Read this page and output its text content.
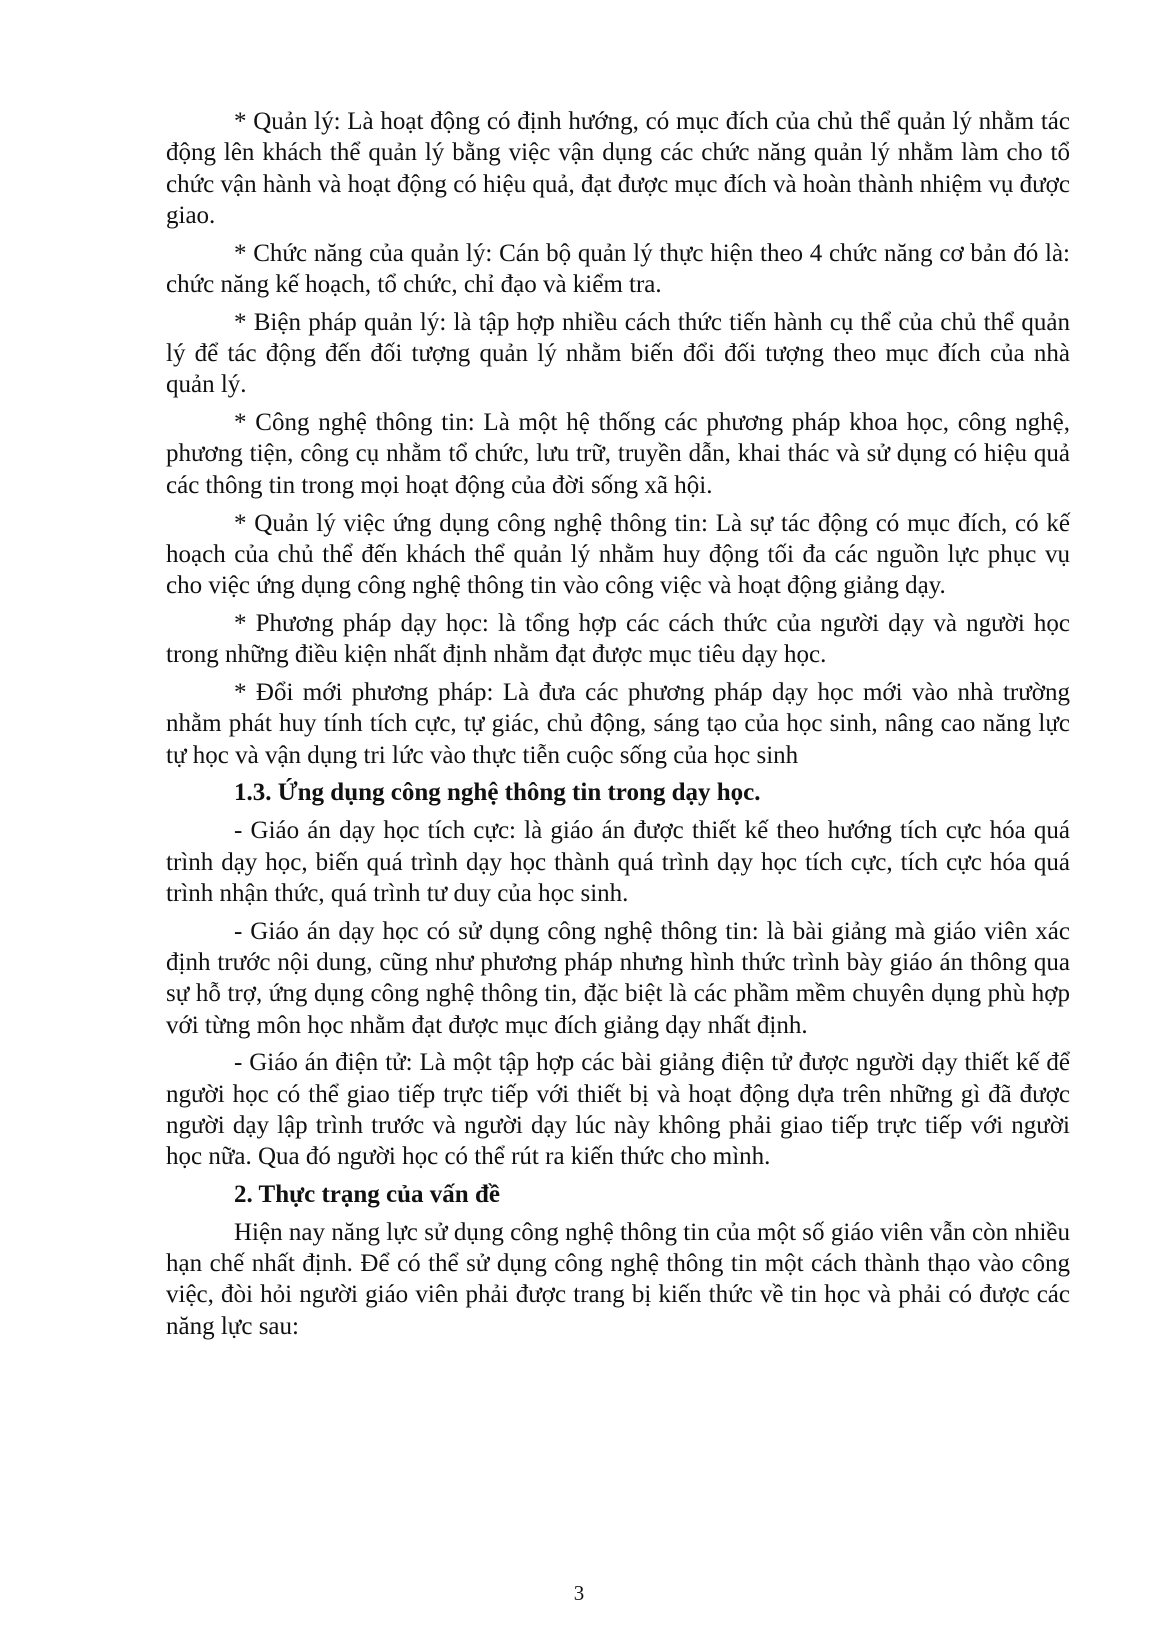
* Quản lý: Là hoạt động có định hướng, có mục đích của chủ thể quản lý nhằm tác động lên khách thể quản lý bằng việc vận dụng các chức năng quản lý nhằm làm cho tổ chức vận hành và hoạt động có hiệu quả, đạt được mục đích và hoàn thành nhiệm vụ được giao.

* Chức năng của quản lý: Cán bộ quản lý thực hiện theo 4 chức năng cơ bản đó là: chức năng kế hoạch, tổ chức, chỉ đạo và kiểm tra.

* Biện pháp quản lý: là tập hợp nhiều cách thức tiến hành cụ thể của chủ thể quản lý để tác động đến đối tượng quản lý nhằm biến đổi đối tượng theo mục đích của nhà quản lý.

* Công nghệ thông tin: Là một hệ thống các phương pháp khoa học, công nghệ, phương tiện, công cụ nhằm tổ chức, lưu trữ, truyền dẫn, khai thác và sử dụng có hiệu quả các thông tin trong mọi hoạt động của đời sống xã hội.

* Quản lý việc ứng dụng công nghệ thông tin: Là sự tác động có mục đích, có kế hoạch của chủ thể đến khách thể quản lý nhằm huy động tối đa các nguồn lực phục vụ cho việc ứng dụng công nghệ thông tin vào công việc và hoạt động giảng dạy.

* Phương pháp dạy học: là tổng hợp các cách thức của người dạy và người học trong những điều kiện nhất định nhằm đạt được mục tiêu dạy học.

* Đổi mới phương pháp: Là đưa các phương pháp dạy học mới vào nhà trường nhằm phát huy tính tích cực, tự giác, chủ động, sáng tạo của học sinh, nâng cao năng lực tự học và vận dụng tri lức vào thực tiễn cuộc sống của học sinh

1.3. Ứng dụng công nghệ thông tin trong dạy học.

- Giáo án dạy học tích cực: là giáo án được thiết kế theo hướng tích cực hóa quá trình dạy học, biến quá trình dạy học thành quá trình dạy học tích cực, tích cực hóa quá trình nhận thức, quá trình tư duy của học sinh.

- Giáo án dạy học có sử dụng công nghệ thông tin: là bài giảng mà giáo viên xác định trước nội dung, cũng như phương pháp nhưng hình thức trình bày giáo án thông qua sự hỗ trợ, ứng dụng công nghệ thông tin, đặc biệt là các phầm mềm chuyên dụng phù hợp với từng môn học nhằm đạt được mục đích giảng dạy nhất định.

- Giáo án điện tử: Là một tập hợp các bài giảng điện tử được người dạy thiết kế để người học có thể giao tiếp trực tiếp với thiết bị và hoạt động dựa trên những gì đã được người dạy lập trình trước và người dạy lúc này không phải giao tiếp trực tiếp với người học nữa. Qua đó người học có thể rút ra kiến thức cho mình.

2. Thực trạng của vấn đề

Hiện nay năng lực sử dụng công nghệ thông tin của một số giáo viên vẫn còn nhiều hạn chế nhất định. Để có thể sử dụng công nghệ thông tin một cách thành thạo vào công việc, đòi hỏi người giáo viên phải được trang bị kiến thức về tin học và phải có được các năng lực sau:

3
